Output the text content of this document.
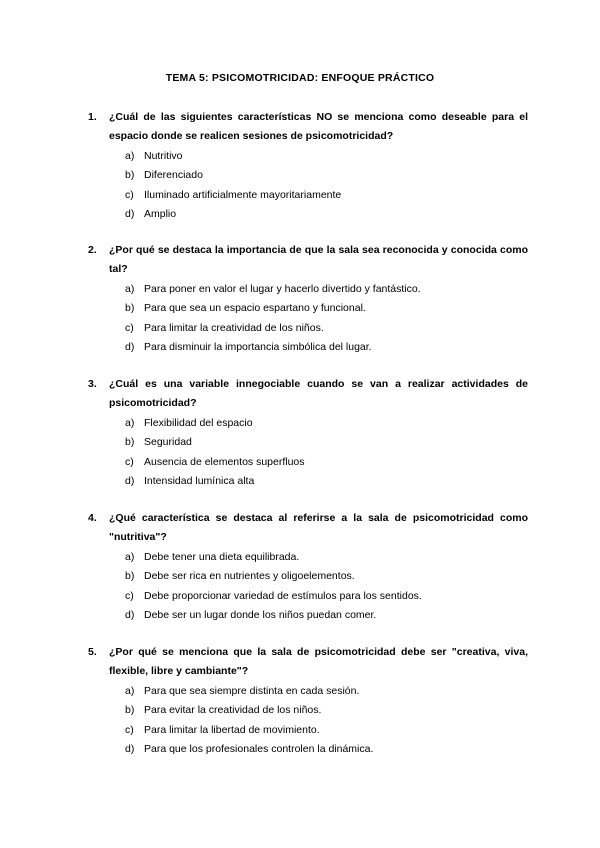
TEMA 5: PSICOMOTRICIDAD: ENFOQUE PRÁCTICO
1. ¿Cuál de las siguientes características NO se menciona como deseable para el espacio donde se realicen sesiones de psicomotricidad?
a) Nutritivo
b) Diferenciado
c) Iluminado artificialmente mayoritariamente
d) Amplio
2. ¿Por qué se destaca la importancia de que la sala sea reconocida y conocida como tal?
a) Para poner en valor el lugar y hacerlo divertido y fantástico.
b) Para que sea un espacio espartano y funcional.
c) Para limitar la creatividad de los niños.
d) Para disminuir la importancia simbólica del lugar.
3. ¿Cuál es una variable innegociable cuando se van a realizar actividades de psicomotricidad?
a) Flexibilidad del espacio
b) Seguridad
c) Ausencia de elementos superfluos
d) Intensidad lumínica alta
4. ¿Qué característica se destaca al referirse a la sala de psicomotricidad como "nutritiva"?
a) Debe tener una dieta equilibrada.
b) Debe ser rica en nutrientes y oligoelementos.
c) Debe proporcionar variedad de estímulos para los sentidos.
d) Debe ser un lugar donde los niños puedan comer.
5. ¿Por qué se menciona que la sala de psicomotricidad debe ser "creativa, viva, flexible, libre y cambiante"?
a) Para que sea siempre distinta en cada sesión.
b) Para evitar la creatividad de los niños.
c) Para limitar la libertad de movimiento.
d) Para que los profesionales controlen la dinámica.
